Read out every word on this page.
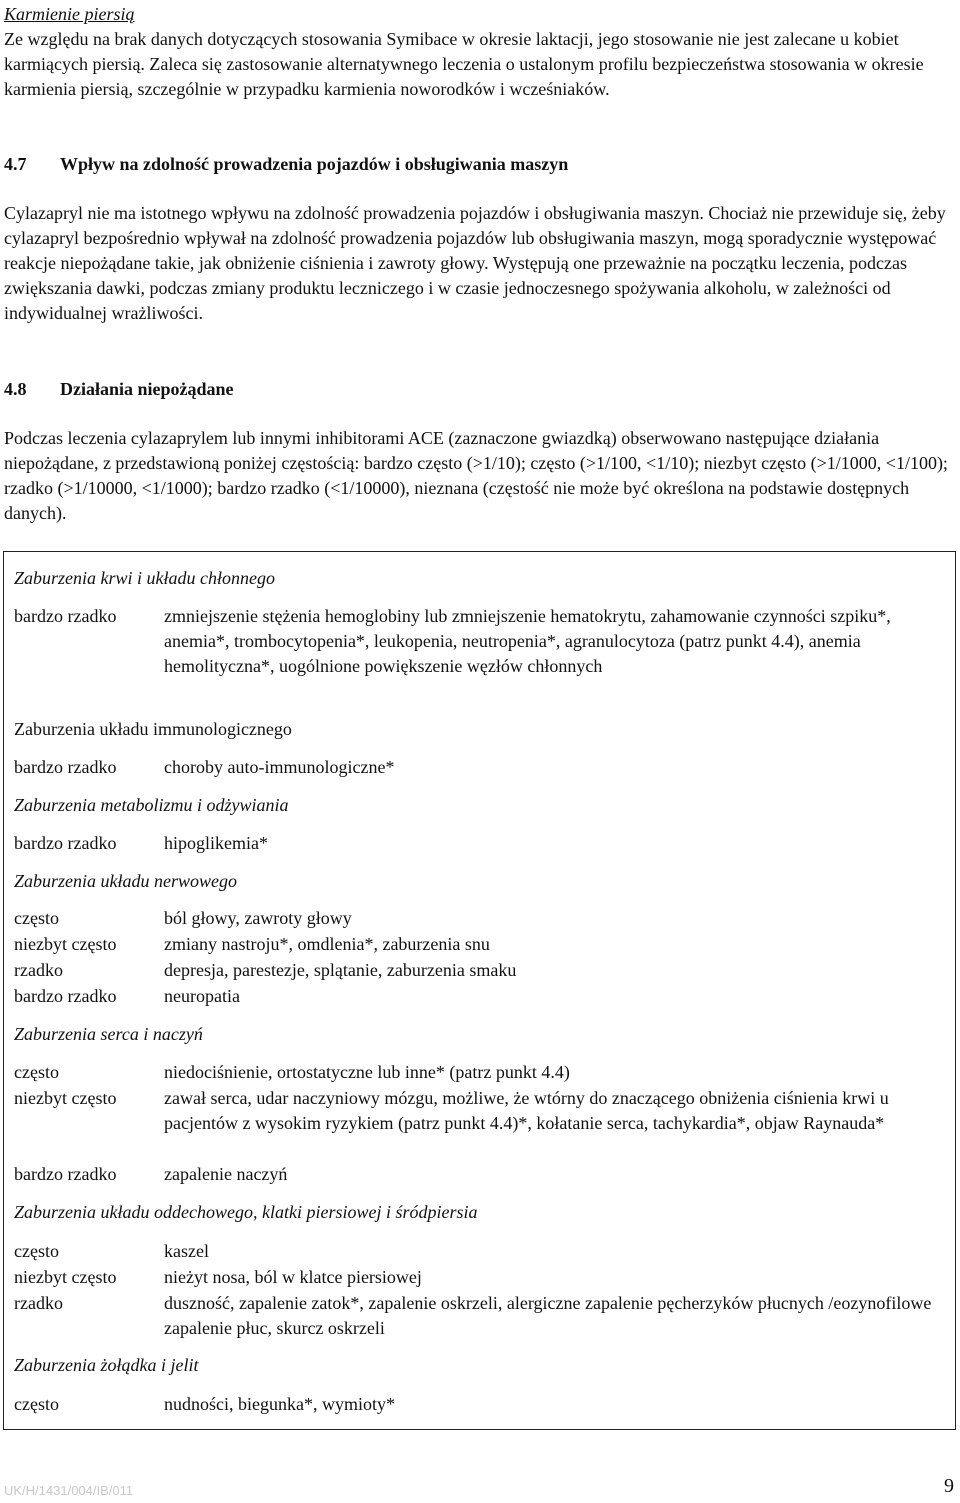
Karmienie piersią
Ze względu na brak danych dotyczących stosowania Symibace w okresie laktacji, jego stosowanie nie jest zalecane u kobiet karmiących piersią. Zaleca się zastosowanie alternatywnego leczenia o ustalonym profilu bezpieczeństwa stosowania w okresie karmienia piersią, szczególnie w przypadku karmienia noworodków i wcześniaków.
4.7 Wpływ na zdolność prowadzenia pojazdów i obsługiwania maszyn
Cylazapryl nie ma istotnego wpływu na zdolność prowadzenia pojazdów i obsługiwania maszyn. Chociaż nie przewiduje się, żeby cylazapryl bezpośrednio wpływał na zdolność prowadzenia pojazdów lub obsługiwania maszyn, mogą sporadycznie występować reakcje niepożądane takie, jak obniżenie ciśnienia i zawroty głowy. Występują one przeważnie na początku leczenia, podczas zwiększania dawki, podczas zmiany produktu leczniczego i w czasie jednoczesnego spożywania alkoholu, w zależności od indywidualnej wrażliwości.
4.8 Działania niepożądane
Podczas leczenia cylazaprylem lub innymi inhibitorami ACE (zaznaczone gwiazdką) obserwowano następujące działania niepożądane, z przedstawioną poniżej częstością: bardzo często (>1/10); często (>1/100, <1/10); niezbyt często (>1/1000, <1/100); rzadko (>1/10000, <1/1000); bardzo rzadko (<1/10000), nieznana (częstość nie może być określona na podstawie dostępnych danych).
Zaburzenia krwi i układu chłonnego
bardzo rzadko	zmniejszenie stężenia hemoglobiny lub zmniejszenie hematokrytu, zahamowanie czynności szpiku*, anemia*, trombocytopenia*, leukopenia, neutropenia*, agranulocytoza (patrz punkt 4.4), anemia hemolityczna*, uogólnione powiększenie węzłów chłonnych
Zaburzenia układu immunologicznego
bardzo rzadko	choroby auto-immunologiczne*
Zaburzenia metabolizmu i odżywiania
bardzo rzadko	hipoglikemia*
Zaburzenia układu nerwowego
często	ból głowy, zawroty głowy
niezbyt często	zmiany nastroju*, omdlenia*, zaburzenia snu
rzadko	depresja, parestezje, splątanie, zaburzenia smaku
bardzo rzadko	neuropatia
Zaburzenia serca i naczyń
często	niedociśnienie, ortostatyczne lub inne* (patrz punkt 4.4)
niezbyt często	zawał serca, udar naczyniowy mózgu, możliwe, że wtórny do znaczącego obniżenia ciśnienia krwi u pacjentów z wysokim ryzykiem (patrz punkt 4.4)*, kołatanie serca, tachykardia*, objaw Raynauda*
bardzo rzadko	zapalenie naczyń
Zaburzenia układu oddechowego, klatki piersiowej i śródpiersia
często	kaszel
niezbyt często	nieżyt nosa, ból w klatce piersiowej
rzadko	duszność, zapalenie zatok*, zapalenie oskrzeli, alergiczne zapalenie pęcherzyków płucnych /eozynofilowe zapalenie płuc, skurcz oskrzeli
Zaburzenia żołądka i jelit
często	nudności, biegunka*, wymioty*
UK/H/1431/004/IB/011	9
